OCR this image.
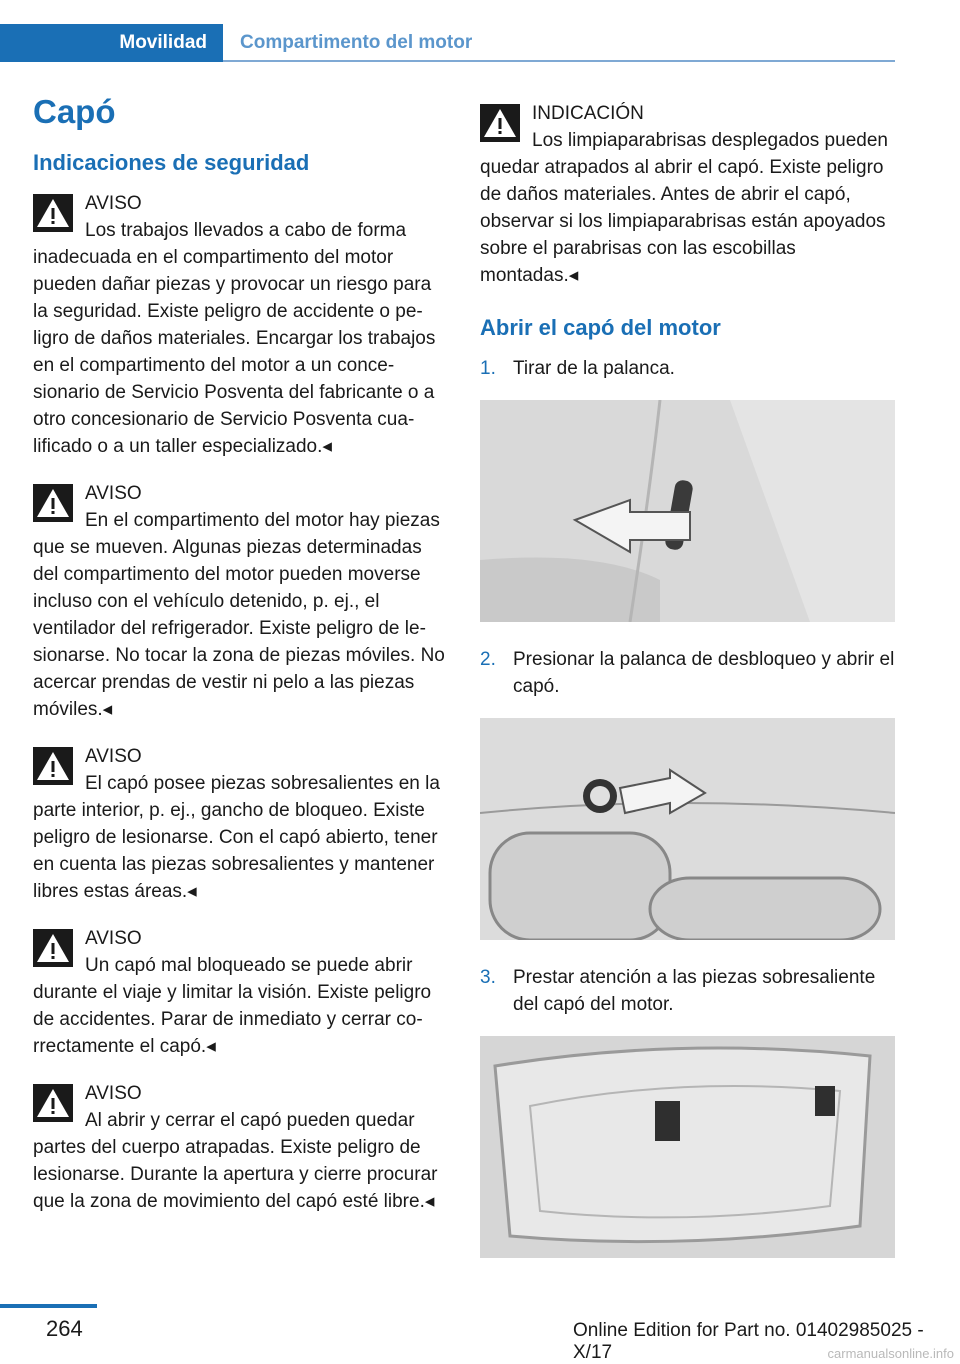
Movilidad	Compartimento del motor
Capó
Indicaciones de seguridad
AVISO
Los trabajos llevados a cabo de forma inadecuada en el compartimento del motor pueden dañar piezas y provocar un riesgo para la seguridad. Existe peligro de accidente o peligro de daños materiales. Encargar los trabajos en el compartimento del motor a un concesionario de Servicio Posventa del fabricante o a otro concesionario de Servicio Posventa cualificado o a un taller especializado.◂
AVISO
En el compartimento del motor hay piezas que se mueven. Algunas piezas determinadas del compartimento del motor pueden moverse incluso con el vehículo detenido, p. ej., el ventilador del refrigerador. Existe peligro de lesionarse. No tocar la zona de piezas móviles. No acercar prendas de vestir ni pelo a las piezas móviles.◂
AVISO
El capó posee piezas sobresalientes en la parte interior, p. ej., gancho de bloqueo. Existe peligro de lesionarse. Con el capó abierto, tener en cuenta las piezas sobresalientes y mantener libres estas áreas.◂
AVISO
Un capó mal bloqueado se puede abrir durante el viaje y limitar la visión. Existe peligro de accidentes. Parar de inmediato y cerrar correctamente el capó.◂
AVISO
Al abrir y cerrar el capó pueden quedar partes del cuerpo atrapadas. Existe peligro de lesionarse. Durante la apertura y cierre procurar que la zona de movimiento del capó esté libre.◂
INDICACIÓN
Los limpiaparabrisas desplegados pueden quedar atrapados al abrir el capó. Existe peligro de daños materiales. Antes de abrir el capó, observar si los limpiaparabrisas están apoyados sobre el parabrisas con las escobillas montadas.◂
Abrir el capó del motor
1. Tirar de la palanca.
2. Presionar la palanca de desbloqueo y abrir el capó.
3. Prestar atención a las piezas sobresaliente del capó del motor.
264	Online Edition for Part no. 01402985025 - X/17	carmanualsonline.info
